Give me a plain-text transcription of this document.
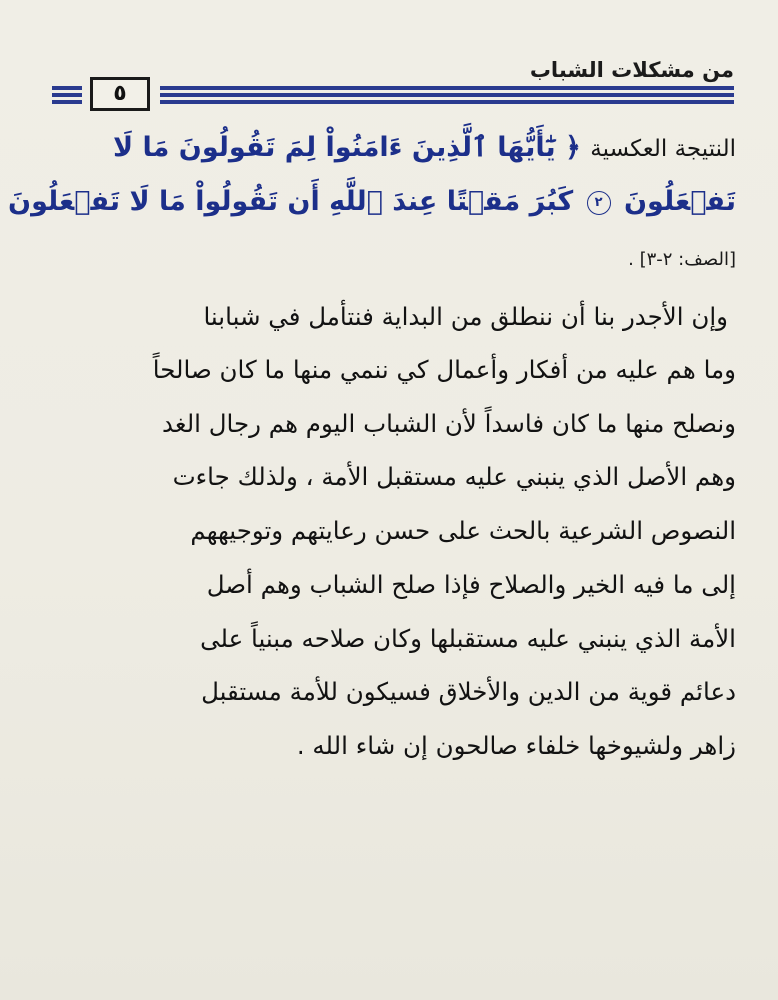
من مشكلات الشباب
٥
النتيجة العكسية ﴿ يَٰٓأَيُّهَا ٱلَّذِينَ ءَامَنُواْ لِمَ تَقُولُونَ مَا لَا
تَفۡعَلُونَ ٢ كَبُرَ مَقۡتًا عِندَ ٱللَّهِ أَن تَقُولُواْ مَا لَا تَفۡعَلُونَ
[الصف: ٢-٣] .
وإن الأجدر بنا أن ننطلق من البداية فنتأمل في شبابنا
وما هم عليه من أفكار وأعمال كي ننمي منها ما كان صالحاً
ونصلح منها ما كان فاسداً لأن الشباب اليوم هم رجال الغد
وهم الأصل الذي ينبني عليه مستقبل الأمة ، ولذلك جاءت
النصوص الشرعية بالحث على حسن رعايتهم وتوجيههم
إلى ما فيه الخير والصلاح فإذا صلح الشباب وهم أصل
الأمة الذي ينبني عليه مستقبلها وكان صلاحه مبنياً على
دعائم قوية من الدين والأخلاق فسيكون للأمة مستقبل
زاهر ولشيوخها خلفاء صالحون إن شاء الله .
